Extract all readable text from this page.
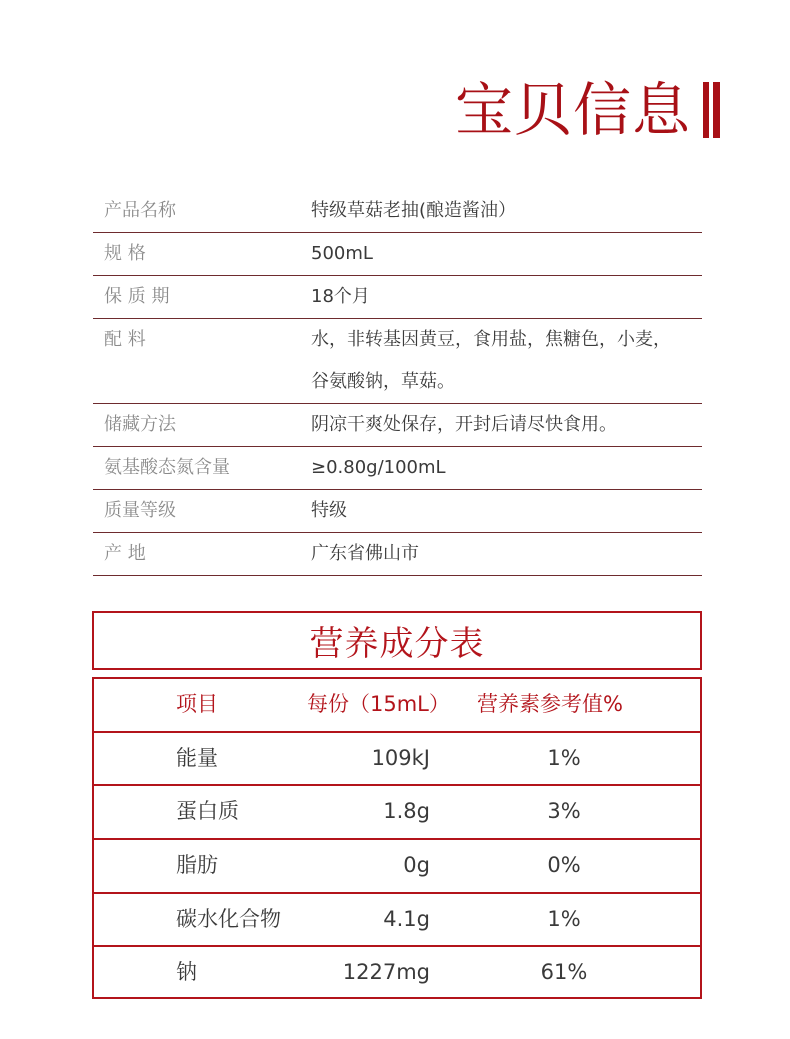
宝贝信息
产品名称	特级草菇老抽(酿造酱油）
规 格	500mL
保 质 期	18个月
配 料	水，非转基因黄豆，食用盐，焦糖色，小麦，
谷氨酸钠，草菇。
储藏方法	阴凉干爽处保存，开封后请尽快食用。
氨基酸态氮含量	≥0.80g/100mL
质量等级	特级
产 地	广东省佛山市
营养成分表
项目	每份（15mL） 营养素参考值%
能量	109kJ	1%
蛋白质	1.8g	3%
脂肪	0g	0%
碳水化合物	4.1g	1%
钠	1227mg	61%
